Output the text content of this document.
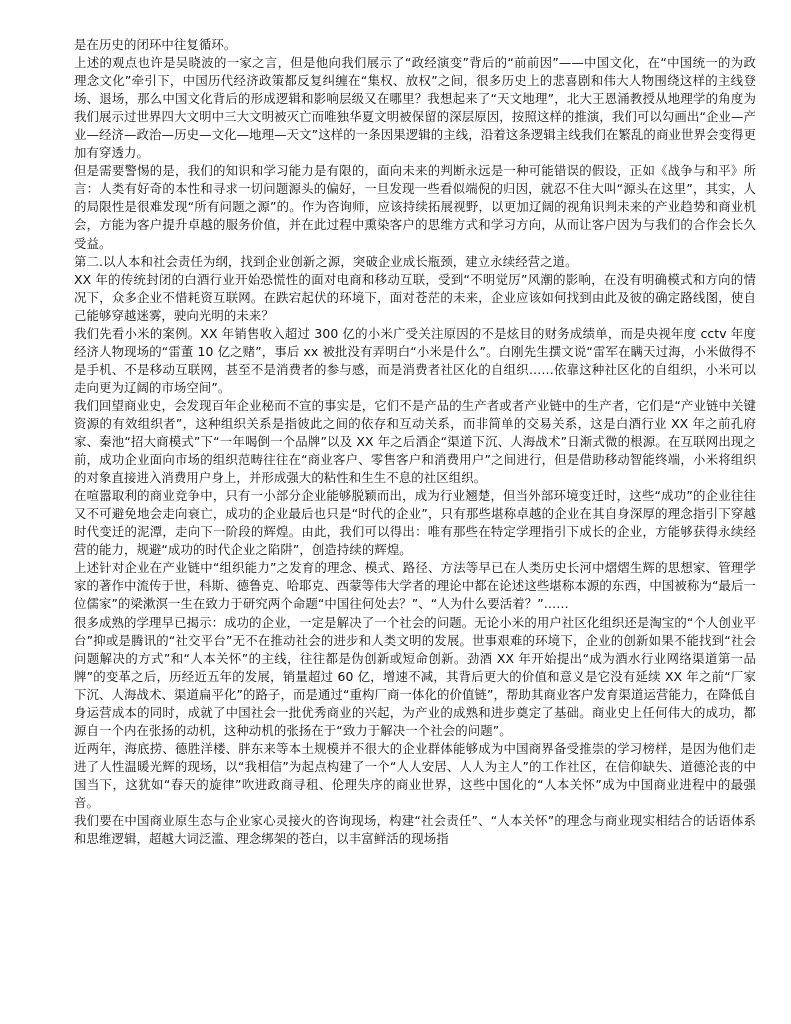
是在历史的闭环中往复循环。

上述的观点也许是吴晓波的一家之言，但是他向我们展示了“政经演变”背后的“前前因”——中国文化，在“中国统一的为政理念文化”牵引下，中国历代经济政策都反复纠缠在“集权、放权”之间，很多历史上的悲喜剧和伟大人物围绕这样的主线登场、退场，那么中国文化背后的形成逻辑和影响层级又在哪里？我想起来了“天文地理”，北大王恩涌教授从地理学的角度为我们展示过世界四大文明中三大文明被灭亡而唯独华夏文明被保留的深层原因，按照这样的推演，我们可以勾画出“企业—产业—经济—政治—历史—文化—地理—天文”这样的一条因果逻辑的主线，沿着这条逻辑主线我们在繁乱的商业世界会变得更加有穿透力。

但是需要警惕的是，我们的知识和学习能力是有限的，面向未来的判断永远是一种可能错误的假设，正如《战争与和平》所言：人类有好奇的本性和寻求一切问题源头的偏好，一旦发现一些看似端倪的归因，就忍不住大叫“源头在这里”，其实，人的局限性是很难发现“所有问题之源”的。作为咨询师，应该持续拓展视野，以更加辽阔的视角识判未来的产业趋势和商业机会，方能为客户提升卓越的服务价值，并在此过程中熏染客户的思维方式和学习方向，从而让客户因为与我们的合作会长久受益。

第二.以人本和社会责任为纲，找到企业创新之源，突破企业成长瓶颈，建立永续经营之道。

XX 年的传统封闭的白酒行业开始恐慌性的面对电商和移动互联，受到“不明觉厉”风潮的影响，在没有明确模式和方向的情况下，众多企业不惜耗资互联网。在跌宕起伏的环境下，面对苍茫的未来，企业应该如何找到由此及彼的确定路线图，使自己能够穿越迷雾，驶向光明的未来？

我们先看小米的案例。XX 年销售收入超过 300 亿的小米广受关注原因的不是炫目的财务成绩单，而是央视年度 cctv 年度经济人物现场的“雷董 10 亿之赌”，事后 xx 被批没有弄明白“小米是什么”。白刚先生撰文说“雷军在瞒天过海，小米做得不是手机、不是移动互联网，甚至不是消费者的参与感，而是消费者社区化的自组织……依靠这种社区化的自组织，小米可以走向更为辽阔的市场空间”。

我们回望商业史，会发现百年企业秘而不宣的事实是，它们不是产品的生产者或者产业链中的生产者，它们是“产业链中关键资源的有效组织者”，这种组织关系是指彼此之间的依存和互动关系，而非简单的交易关系，这是白酒行业 XX 年之前孔府家、秦池“招大商模式”下“一年喝倒一个品牌”以及 XX 年之后酒企“渠道下沉、人海战术”日渐式微的根源。在互联网出现之前，成功企业面向市场的组织范畴往往在“商业客户、零售客户和消费用户”之间进行，但是借助移动智能终端，小米将组织的对象直接进入消费用户身上，并形成强大的粘性和生生不息的社区组织。

在喧嚣取利的商业竞争中，只有一小部分企业能够脱颖而出，成为行业翘楚，但当外部环境变迁时，这些“成功”的企业往往又不可避免地会走向衰亡，成功的企业最后也只是“时代的企业”，只有那些堪称卓越的企业在其自身深厚的理念指引下穿越时代变迁的泥潭，走向下一阶段的辉煌。由此，我们可以得出：唯有那些在特定学理指引下成长的企业，方能够获得永续经营的能力，规避“成功的时代企业之陷阱”，创造持续的辉煌。

上述针对企业在产业链中“组织能力”之发育的理念、模式、路径、方法等早已在人类历史长河中熠熠生辉的思想家、管理学家的著作中流传于世，科斯、德鲁克、哈耶克、西蒙等伟大学者的理论中都在论述这些堪称本源的东西，中国被称为“最后一位儒家”的梁漱溟一生在致力于研究两个命题“中国往何处去？”、“人为什么要活着？”……

很多成熟的学理早已揭示：成功的企业，一定是解决了一个社会的问题。无论小米的用户社区化组织还是淘宝的“个人创业平台”抑或是腾讯的“社交平台”无不在推动社会的进步和人类文明的发展。世事艰难的环境下，企业的创新如果不能找到“社会问题解决的方式”和“人本关怀”的主线，往往都是伪创新或短命创新。劲酒 XX 年开始提出“成为酒水行业网络渠道第一品牌”的变革之后，历经近五年的发展，销量超过 60 亿，增速不减，其背后更大的价值和意义是它没有延续 XX 年之前“厂家下沉、人海战术、渠道扁平化”的路子，而是通过“重构厂商一体化的价值链”，帮助其商业客户发育渠道运营能力，在降低自身运营成本的同时，成就了中国社会一批优秀商业的兴起，为产业的成熟和进步奠定了基础。商业史上任何伟大的成功，都源自一个内在张扬的动机，这种动机的张扬在于“致力于解决一个社会的问题”。

近两年，海底捞、德胜洋楼、胖东来等本土规模并不很大的企业群体能够成为中国商界备受推崇的学习榜样，是因为他们走进了人性温暖光辉的现场，以“我相信”为起点构建了一个“人人安居、人人为主人”的工作社区，在信仰缺失、道德沦丧的中国当下，这犹如“春天的旋律”吹进政商寻租、伦理失序的商业世界，这些中国化的“人本关怀”成为中国商业进程中的最强音。

我们要在中国商业原生态与企业家心灵接火的咨询现场，构建“社会责任”、“人本关怀”的理念与商业现实相结合的话语体系和思维逻辑，超越大词泛滥、理念绑架的苍白，以丰富鲜活的现场指
